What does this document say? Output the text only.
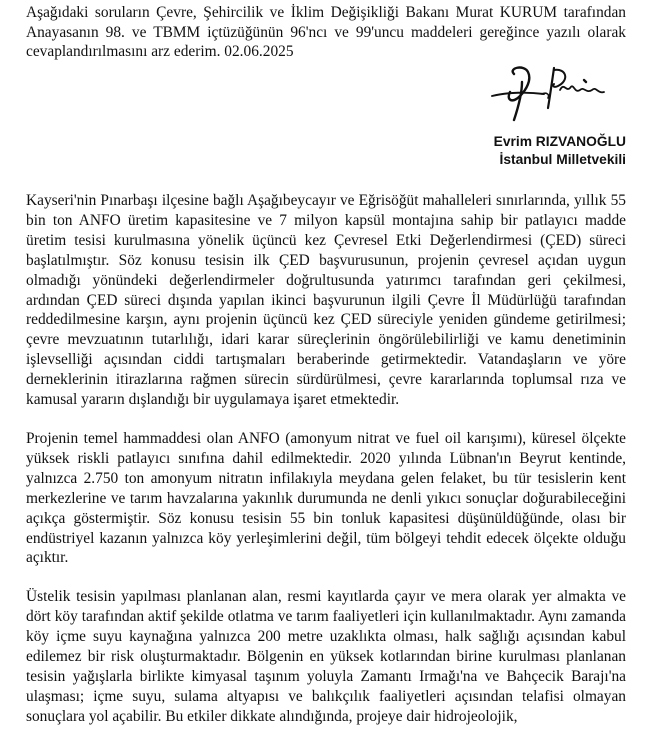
Aşağıdaki soruların Çevre, Şehircilik ve İklim Değişikliği Bakanı Murat KURUM tarafından Anayasanın 98. ve TBMM içtüzüğünün 96'ncı ve 99'uncu maddeleri gereğince yazılı olarak cevaplandırılmasını arz ederim. 02.06.2025

Evrim RIZVANOĞLU
İstanbul Milletvekili

Kayseri'nin Pınarbaşı ilçesine bağlı Aşağıbeycayır ve Eğrisöğüt mahalleleri sınırlarında, yıllık 55 bin ton ANFO üretim kapasitesine ve 7 milyon kapsül montajına sahip bir patlayıcı madde üretim tesisi kurulmasına yönelik üçüncü kez Çevresel Etki Değerlendirmesi (ÇED) süreci başlatılmıştır. Söz konusu tesisin ilk ÇED başvurusunun, projenin çevresel açıdan uygun olmadığı yönündeki değerlendirmeler doğrultusunda yatırımcı tarafından geri çekilmesi, ardından ÇED süreci dışında yapılan ikinci başvurunun ilgili Çevre İl Müdürlüğü tarafından reddedilmesine karşın, aynı projenin üçüncü kez ÇED süreciyle yeniden gündeme getirilmesi; çevre mevzuatının tutarlılığı, idari karar süreçlerinin öngörülebilirliği ve kamu denetiminin işlevselliği açısından ciddi tartışmaları beraberinde getirmektedir. Vatandaşların ve yöre derneklerinin itirazlarına rağmen sürecin sürdürülmesi, çevre kararlarında toplumsal rıza ve kamusal yararın dışlandığı bir uygulamaya işaret etmektedir.

Projenin temel hammaddesi olan ANFO (amonyum nitrat ve fuel oil karışımı), küresel ölçekte yüksek riskli patlayıcı sınıfına dahil edilmektedir. 2020 yılında Lübnan'ın Beyrut kentinde, yalnızca 2.750 ton amonyum nitratın infilakıyla meydana gelen felaket, bu tür tesislerin kent merkezlerine ve tarım havzalarına yakınlık durumunda ne denli yıkıcı sonuçlar doğurabileceğini açıkça göstermiştir. Söz konusu tesisin 55 bin tonluk kapasitesi düşünüldüğünde, olası bir endüstriyel kazanın yalnızca köy yerleşimlerini değil, tüm bölgeyi tehdit edecek ölçekte olduğu açıktır.

Üstelik tesisin yapılması planlanan alan, resmi kayıtlarda çayır ve mera olarak yer almakta ve dört köy tarafından aktif şekilde otlatma ve tarım faaliyetleri için kullanılmaktadır. Aynı zamanda köy içme suyu kaynağına yalnızca 200 metre uzaklıkta olması, halk sağlığı açısından kabul edilemez bir risk oluşturmaktadır. Bölgenin en yüksek kotlarından birine kurulması planlanan tesisin yağışlarla birlikte kimyasal taşınım yoluyla Zamantı Irmağı'na ve Bahçecik Barajı'na ulaşması; içme suyu, sulama altyapısı ve balıkçılık faaliyetleri açısından telafisi olmayan sonuçlara yol açabilir. Bu etkiler dikkate alındığında, projeye dair hidrojeolojik,
